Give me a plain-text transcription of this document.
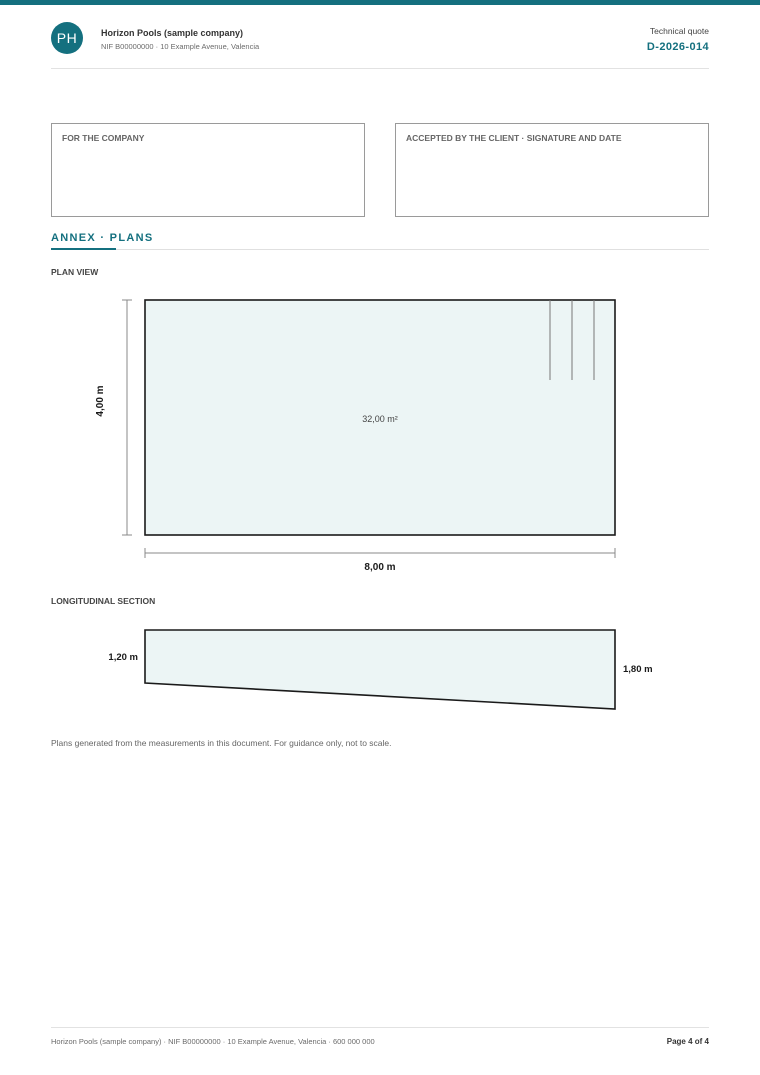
PH	Horizon Pools (sample company)
NIF B00000000 · 10 Example Avenue, Valencia
Technical quote
D-2026-014
FOR THE COMPANY	ACCEPTED BY THE CLIENT · SIGNATURE AND DATE
ANNEX · PLANS
PLAN VIEW
LONGITUDINAL SECTION
32,00 m²
4,00 m
8,00 m
1,20 m
1,80 m
Plans generated from the measurements in this document. For guidance only, not to scale.
Horizon Pools (sample company) · NIF B00000000 · 10 Example Avenue, Valencia · 600 000 000	Page 4 of 4
